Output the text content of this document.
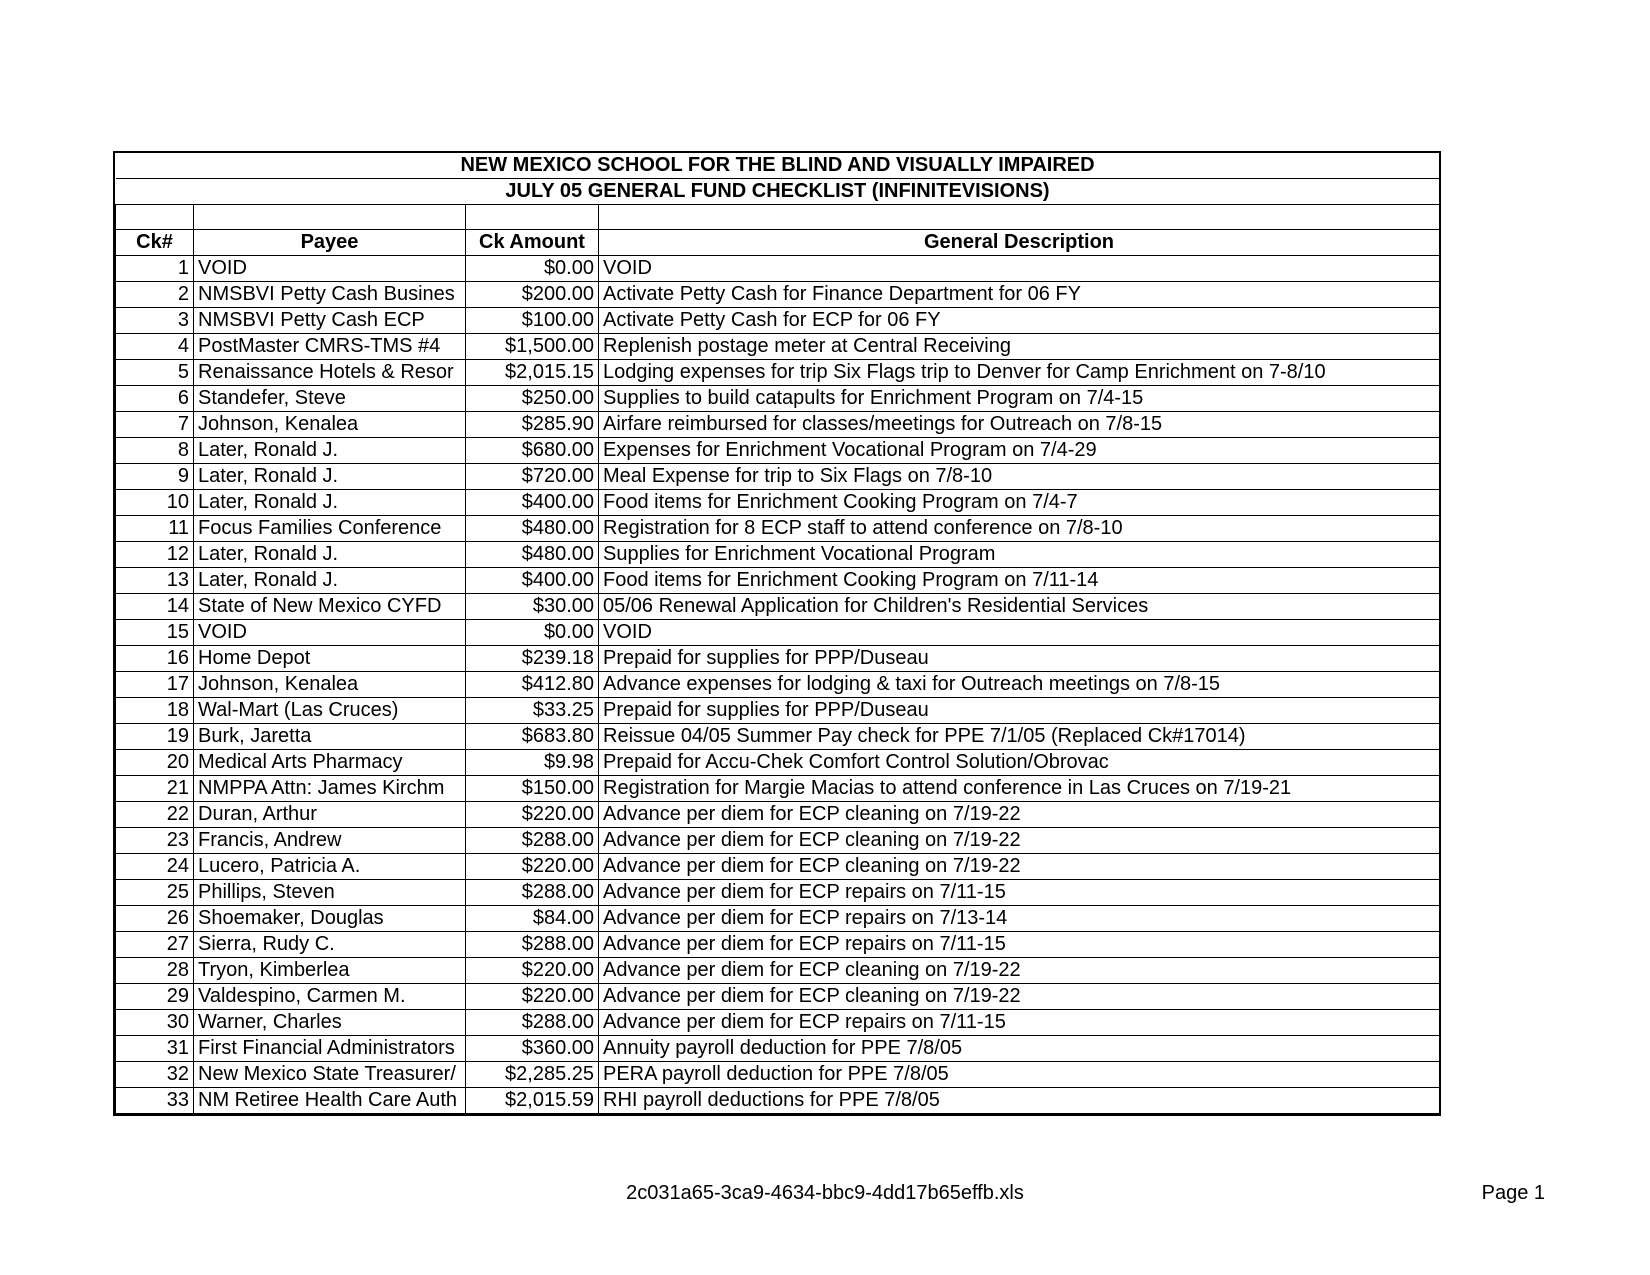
NEW MEXICO SCHOOL FOR THE BLIND AND VISUALLY IMPAIRED			
JULY 05 GENERAL FUND CHECKLIST (INFINITEVISIONS)			

Ck#	Payee	Ck Amount	General Description
1	VOID	$0.00	VOID
2	NMSBVI Petty Cash Busines	$200.00	Activate Petty Cash for Finance Department for 06 FY
3	NMSBVI Petty Cash ECP	$100.00	Activate Petty Cash for ECP for 06 FY
4	PostMaster CMRS-TMS #4	$1,500.00	Replenish postage meter at Central Receiving
5	Renaissance Hotels & Resor	$2,015.15	Lodging expenses for trip Six Flags trip to Denver for Camp Enrichment on 7-8/10
6	Standefer, Steve	$250.00	Supplies to build catapults for Enrichment Program on 7/4-15
7	Johnson, Kenalea	$285.90	Airfare reimbursed for classes/meetings for Outreach on 7/8-15
8	Later, Ronald J.	$680.00	Expenses for Enrichment Vocational Program on 7/4-29
9	Later, Ronald J.	$720.00	Meal Expense for trip to Six Flags on 7/8-10
10	Later, Ronald J.	$400.00	Food items for Enrichment Cooking Program on 7/4-7
11	Focus Families Conference	$480.00	Registration for 8 ECP staff to attend conference on 7/8-10
12	Later, Ronald J.	$480.00	Supplies for Enrichment Vocational Program
13	Later, Ronald J.	$400.00	Food items for Enrichment Cooking Program on 7/11-14
14	State of New Mexico CYFD	$30.00	05/06 Renewal Application for Children's Residential Services
15	VOID	$0.00	VOID
16	Home Depot	$239.18	Prepaid for supplies for PPP/Duseau
17	Johnson, Kenalea	$412.80	Advance expenses for lodging & taxi for Outreach meetings on 7/8-15
18	Wal-Mart (Las Cruces)	$33.25	Prepaid for supplies for PPP/Duseau
19	Burk, Jaretta	$683.80	Reissue 04/05 Summer Pay check for PPE 7/1/05 (Replaced Ck#17014)
20	Medical Arts Pharmacy	$9.98	Prepaid for Accu-Chek Comfort Control Solution/Obrovac
21	NMPPA Attn: James Kirchm	$150.00	Registration for Margie Macias to attend conference in Las Cruces on 7/19-21
22	Duran, Arthur	$220.00	Advance per diem for ECP cleaning on 7/19-22
23	Francis, Andrew	$288.00	Advance per diem for ECP cleaning on 7/19-22
24	Lucero, Patricia A.	$220.00	Advance per diem for ECP cleaning on 7/19-22
25	Phillips, Steven	$288.00	Advance per diem for ECP repairs on 7/11-15
26	Shoemaker, Douglas	$84.00	Advance per diem for ECP repairs on 7/13-14
27	Sierra, Rudy C.	$288.00	Advance per diem for ECP repairs on 7/11-15
28	Tryon, Kimberlea	$220.00	Advance per diem for ECP cleaning on 7/19-22
29	Valdespino, Carmen M.	$220.00	Advance per diem for ECP cleaning on 7/19-22
30	Warner, Charles	$288.00	Advance per diem for ECP repairs on 7/11-15
31	First Financial Administrators	$360.00	Annuity payroll deduction for PPE 7/8/05
32	New Mexico State Treasurer/	$2,285.25	PERA payroll deduction for PPE 7/8/05
33	NM Retiree Health Care Auth	$2,015.59	RHI payroll deductions for PPE 7/8/05
2c031a65-3ca9-4634-bbc9-4dd17b65effb.xls	Page 1
